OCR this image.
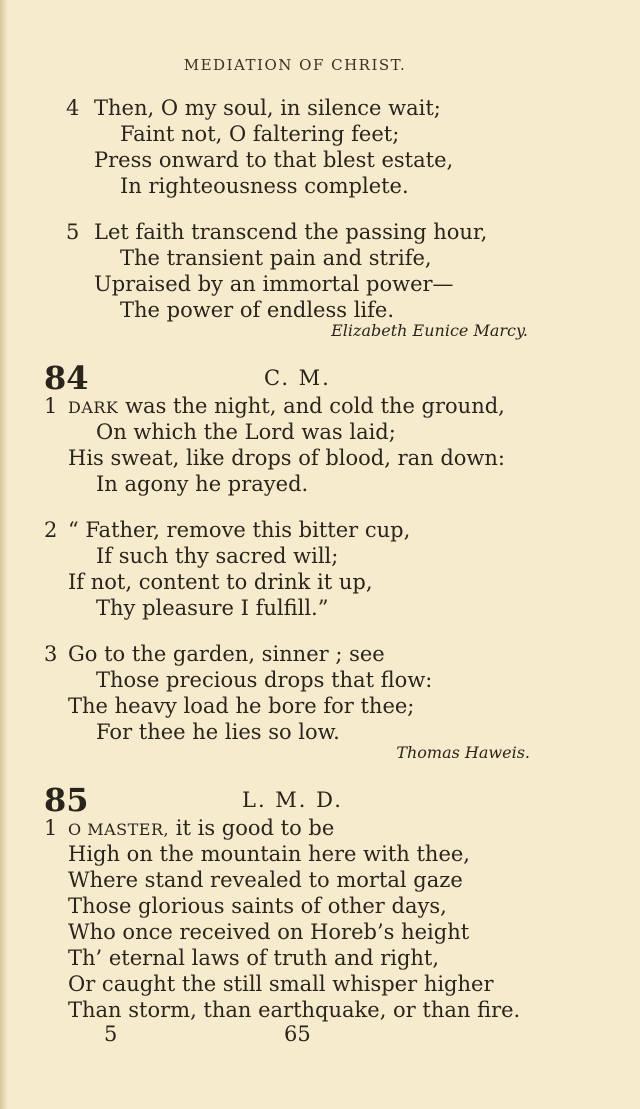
MEDIATION OF CHRIST.
4 Then, O my soul, in silence wait;
Faint not, O faltering feet;
Press onward to that blest estate,
In righteousness complete.
5 Let faith transcend the passing hour,
The transient pain and strife,
Upraised by an immortal power—
The power of endless life.
Elizabeth Eunice Marcy.
84	C. M.
1 DARK was the night, and cold the ground,
On which the Lord was laid;
His sweat, like drops of blood, ran down:
In agony he prayed.
2 “ Father, remove this bitter cup,
If such thy sacred will;
If not, content to drink it up,
Thy pleasure I fulfill.”
3 Go to the garden, sinner ; see
Those precious drops that flow:
The heavy load he bore for thee;
For thee he lies so low.
Thomas Haweis.
85	L. M. D.
1 O MASTER, it is good to be
High on the mountain here with thee,
Where stand revealed to mortal gaze
Those glorious saints of other days,
Who once received on Horeb’s height
Th’ eternal laws of truth and right,
Or caught the still small whisper higher
Than storm, than earthquake, or than fire.
5	65
